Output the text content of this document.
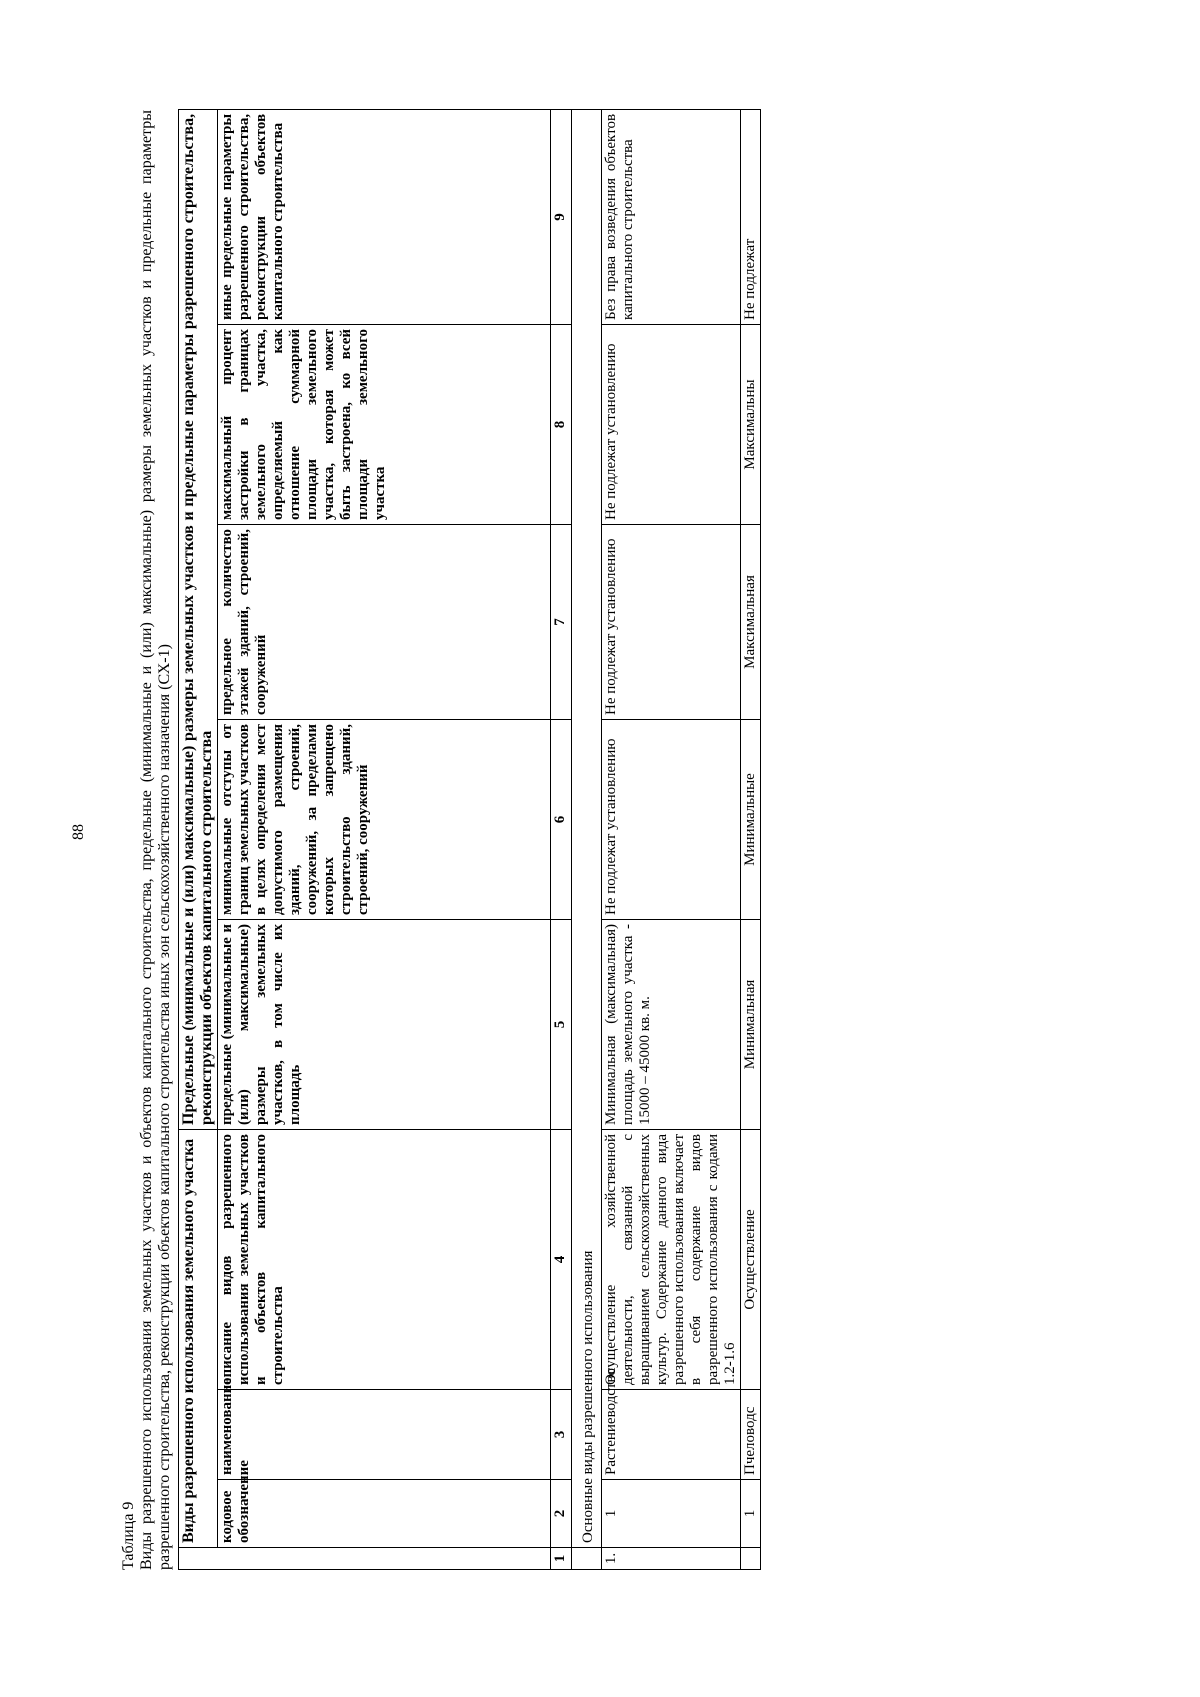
88
Таблица 9 Виды разрешенного использования земельных участков и объектов капитального строительства, предельные (минимальные и (или) максимальные) размеры земельных участков и предельные параметры разрешенного строительства, реконструкции объектов капитального строительства иных зон сельскохозяйственного назначения (СХ-1)
	Виды разрешенного использования земельного участка			Предельные (минимальные и (или) максимальные) размеры земельных участков и предельные параметры разрешенного строительства, реконструкции объектов капитального строительства				
	кодовое обозначение	наименование	описание видов разрешенного использования земельных участков и объектов капитального строительства	предельные (минимальные и (или) максимальные) размеры земельных участков, в том числе их площадь	минимальные отступы от границ земельных участков в целях определения мест допустимого размещения зданий, строений, сооружений, за пределами которых запрещено строительство зданий, строений, сооружений	предельное количество этажей зданий, строений, сооружений	максимальный процент застройки в границах земельного участка, определяемый как отношение суммарной площади земельного участка, которая может быть застроена, ко всей площади земельного участка	иные предельные параметры разрешенного строительства, реконструкции объектов капитального строительства
1	2	3	4	5	6	7	8	9
	Основные виды разрешенного использования							
1.	1	Растениеводство	Осуществление хозяйственной деятельности, связанной с выращиванием сельскохозяйственных культур. Содержание данного вида разрешенного использования включает в себя содержание видов разрешенного использования с кодами 1.2-1.6	Минимальная (максимальная) площадь земельного участка - 15000 – 45000 кв. м.	Не подлежат установлению	Не подлежат установлению	Не подлежат установлению	Без права возведения объектов капитального строительства
	1	Пчеловодс	Осуществление	Минимальная	Минимальные	Максимальная	Максимальны	Не подлежат
